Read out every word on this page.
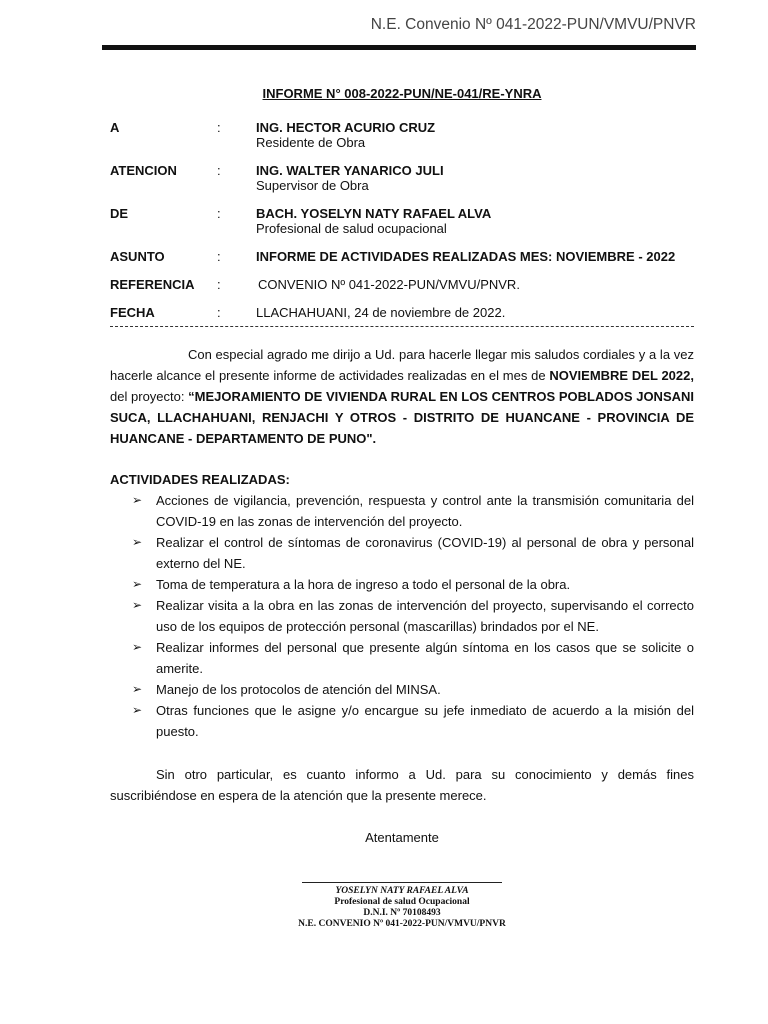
N.E. Convenio Nº 041-2022-PUN/VMVU/PNVR
INFORME N° 008-2022-PUN/NE-041/RE-YNRA
A	:	ING. HECTOR ACURIO CRUZ
Residente de Obra
ATENCION	:	ING. WALTER YANARICO JULI
Supervisor de Obra
DE	:	BACH. YOSELYN NATY RAFAEL ALVA
Profesional de salud ocupacional
ASUNTO	:	INFORME DE ACTIVIDADES REALIZADAS MES: NOVIEMBRE - 2022
REFERENCIA	:	CONVENIO Nº 041-2022-PUN/VMVU/PNVR.
FECHA	:	LLACHAHUANI, 24 de noviembre de 2022.
Con especial agrado me dirijo a Ud. para hacerle llegar mis saludos cordiales y a la vez hacerle alcance el presente informe de actividades realizadas en el mes de NOVIEMBRE DEL 2022, del proyecto: “MEJORAMIENTO DE VIVIENDA RURAL EN LOS CENTROS POBLADOS JONSANI SUCA, LLACHAHUANI, RENJACHI Y OTROS - DISTRITO DE HUANCANE - PROVINCIA DE HUANCANE - DEPARTAMENTO DE PUNO".
ACTIVIDADES REALIZADAS:
➢ Acciones de vigilancia, prevención, respuesta y control ante la transmisión comunitaria del COVID-19 en las zonas de intervención del proyecto.
➢ Realizar el control de síntomas de coronavirus (COVID-19) al personal de obra y personal externo del NE.
➢ Toma de temperatura a la hora de ingreso a todo el personal de la obra.
➢ Realizar visita a la obra en las zonas de intervención del proyecto, supervisando el correcto uso de los equipos de protección personal (mascarillas) brindados por el NE.
➢ Realizar informes del personal que presente algún síntoma en los casos que se solicite o amerite.
➢ Manejo de los protocolos de atención del MINSA.
➢ Otras funciones que le asigne y/o encargue su jefe inmediato de acuerdo a la misión del puesto.
Sin otro particular, es cuanto informo a Ud. para su conocimiento y demás fines suscribiéndose en espera de la atención que la presente merece.
Atentamente
YOSELYN NATY RAFAEL ALVA
Profesional de salud Ocupacional
D.N.I. Nº 70108493
N.E. CONVENIO Nº 041-2022-PUN/VMVU/PNVR
